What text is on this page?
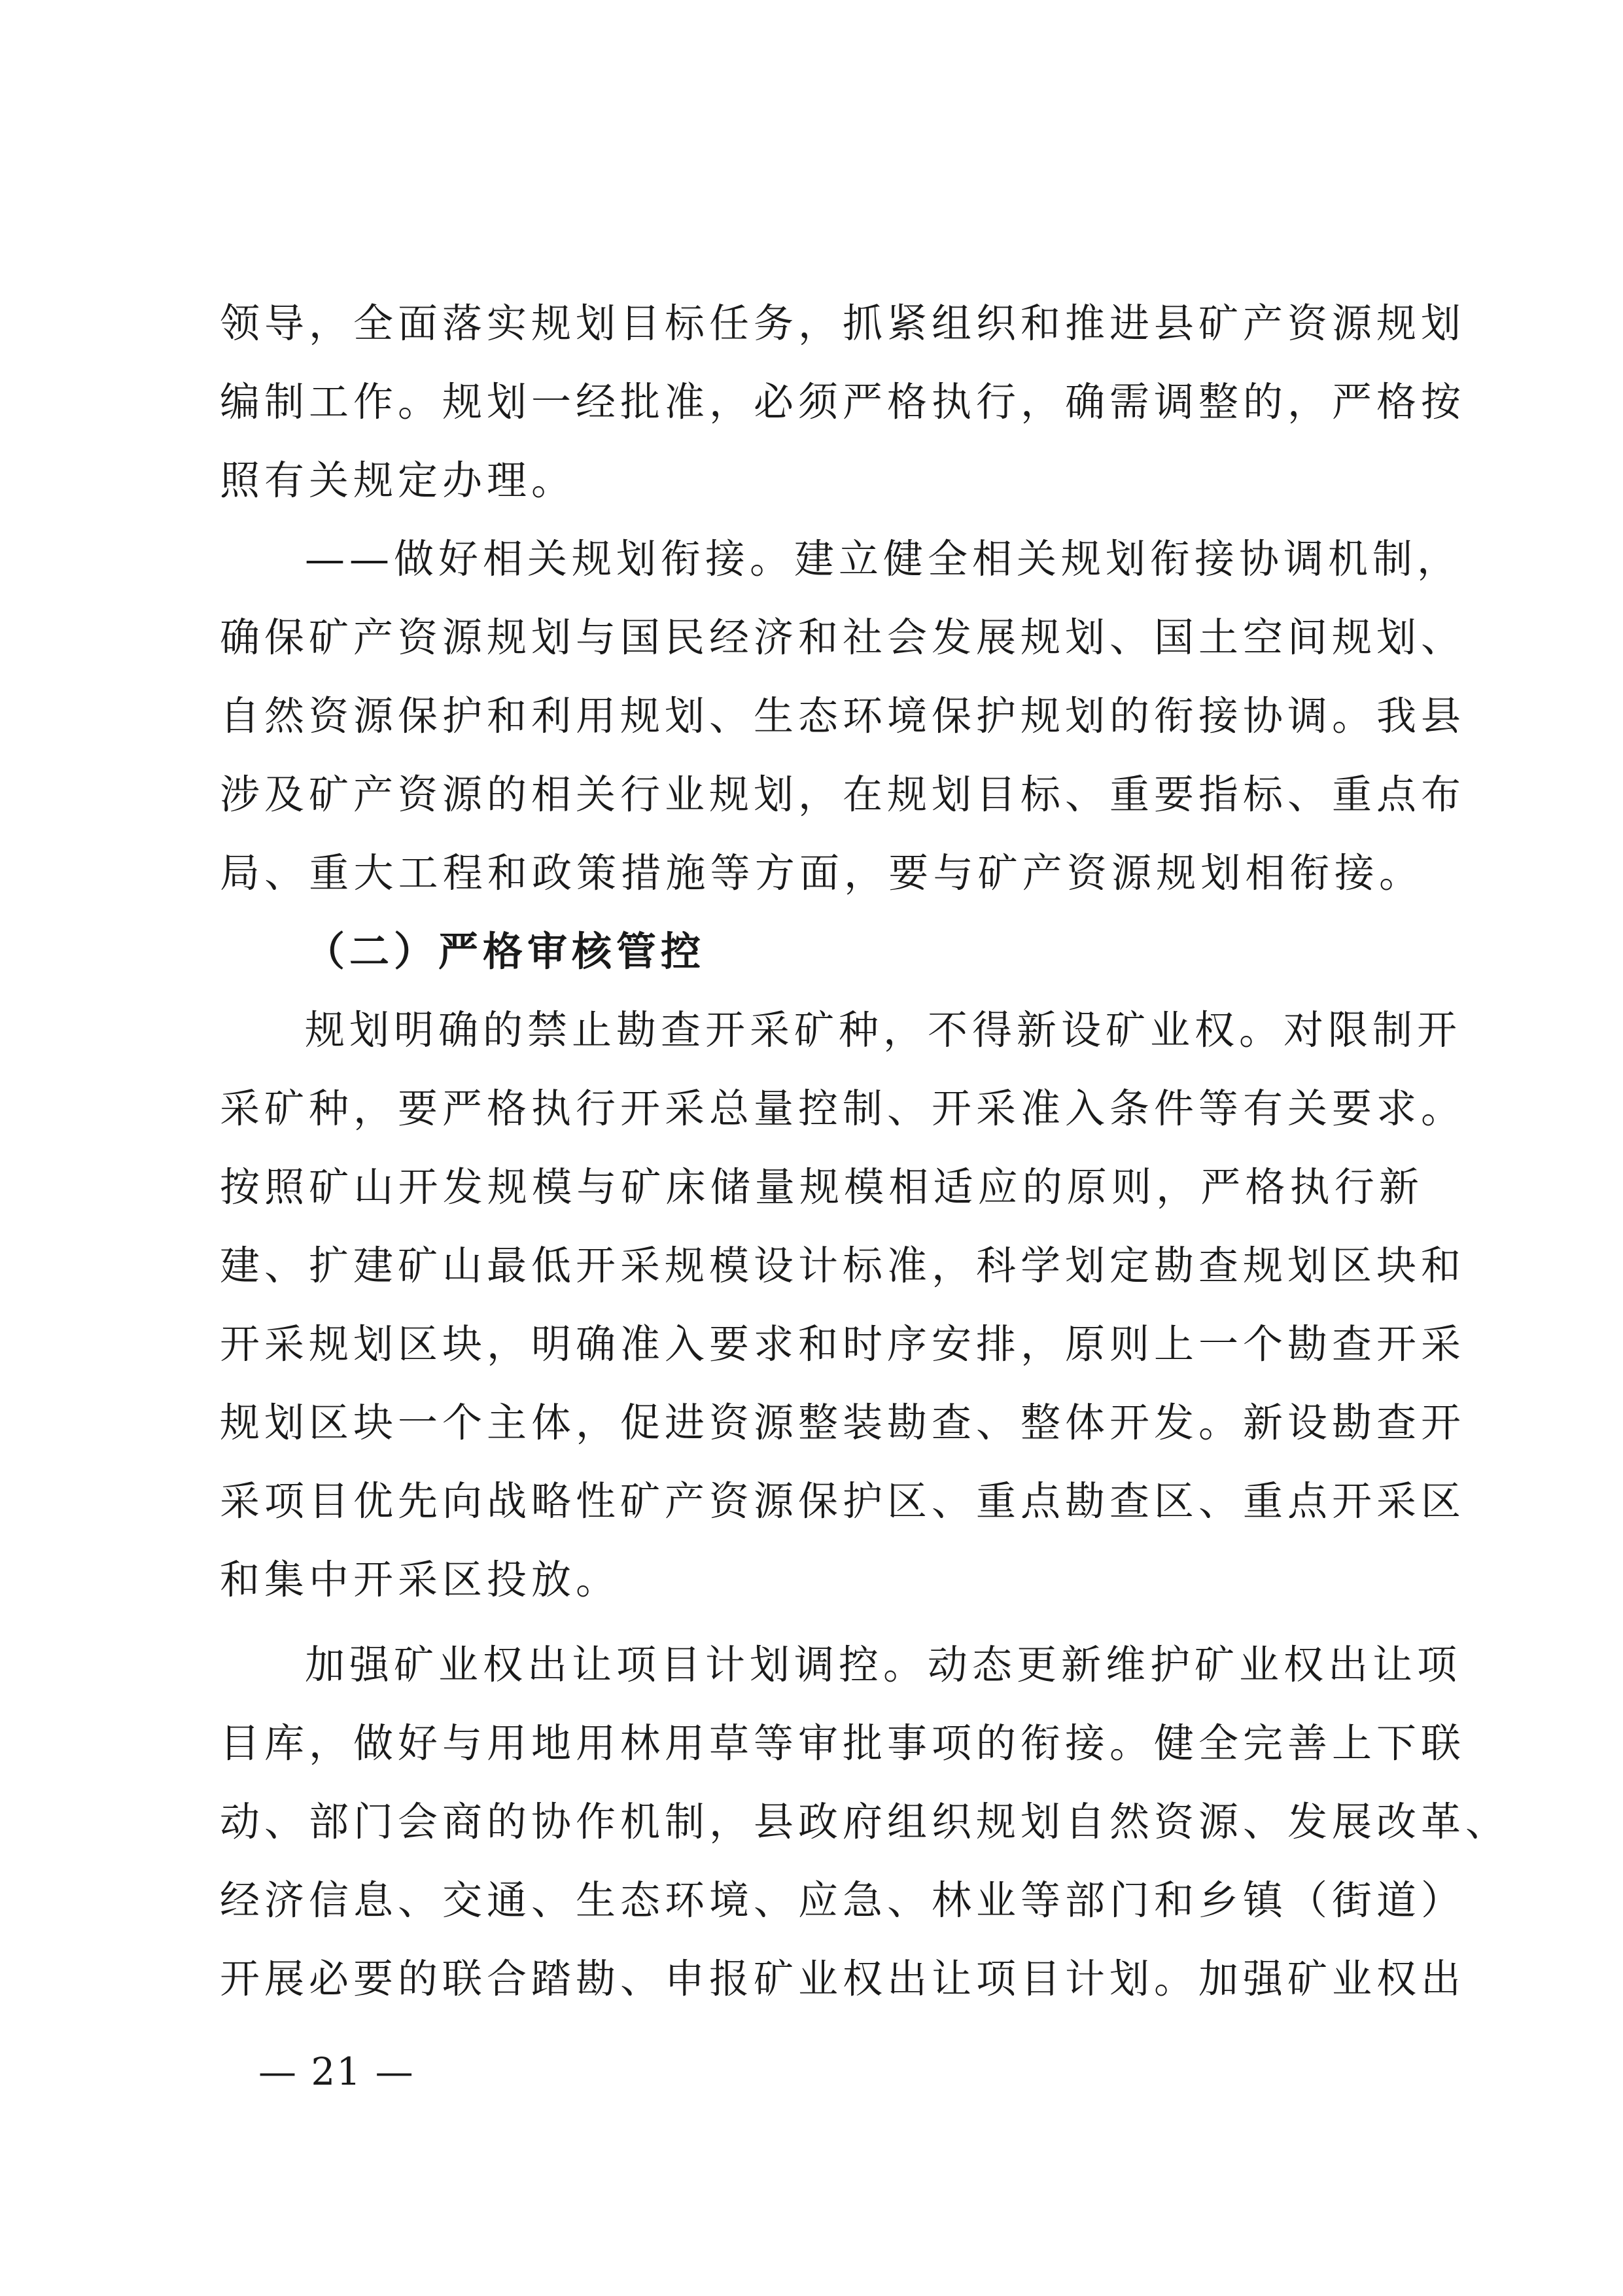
领导，全面落实规划目标任务，抓紧组织和推进县矿产资源规划
编制工作。规划一经批准，必须严格执行，确需调整的，严格按
照有关规定办理。
——做好相关规划衔接。建立健全相关规划衔接协调机制，
确保矿产资源规划与国民经济和社会发展规划、国土空间规划、
自然资源保护和利用规划、生态环境保护规划的衔接协调。我县
涉及矿产资源的相关行业规划，在规划目标、重要指标、重点布
局、重大工程和政策措施等方面，要与矿产资源规划相衔接。
（二）严格审核管控
规划明确的禁止勘查开采矿种，不得新设矿业权。对限制开
采矿种，要严格执行开采总量控制、开采准入条件等有关要求。
按照矿山开发规模与矿床储量规模相适应的原则，严格执行新
建、扩建矿山最低开采规模设计标准，科学划定勘查规划区块和
开采规划区块，明确准入要求和时序安排，原则上一个勘查开采
规划区块一个主体，促进资源整装勘查、整体开发。新设勘查开
采项目优先向战略性矿产资源保护区、重点勘查区、重点开采区
和集中开采区投放。
加强矿业权出让项目计划调控。动态更新维护矿业权出让项
目库，做好与用地用林用草等审批事项的衔接。健全完善上下联
动、部门会商的协作机制，县政府组织规划自然资源、发展改革、
经济信息、交通、生态环境、应急、林业等部门和乡镇（街道）
开展必要的联合踏勘、申报矿业权出让项目计划。加强矿业权出
— 21 —
